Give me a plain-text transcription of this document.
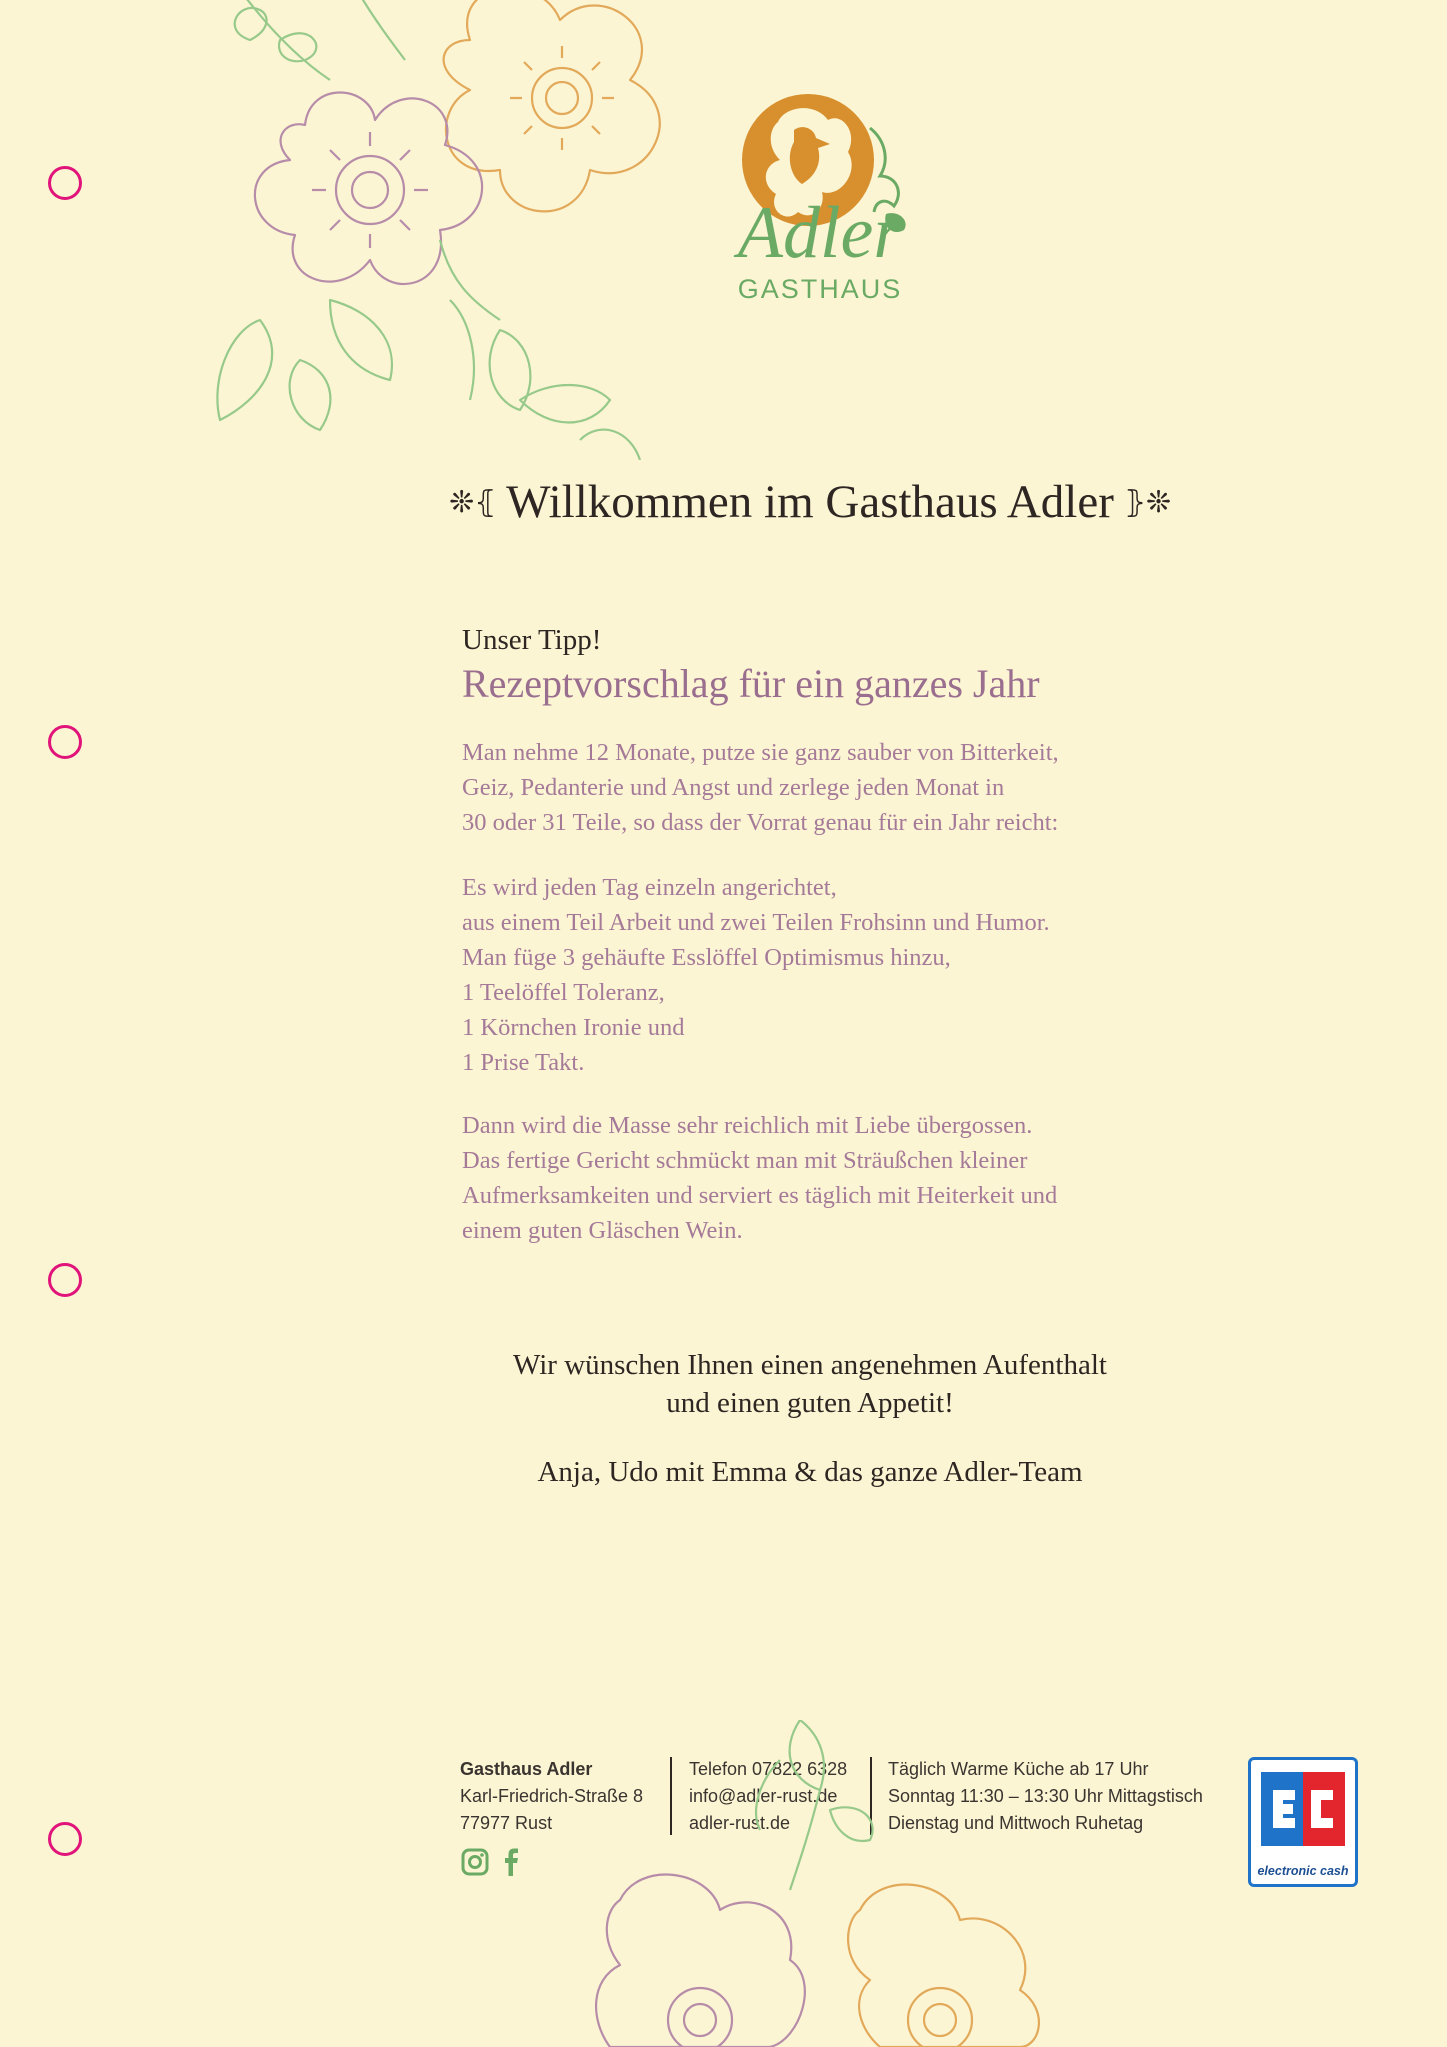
Adler
GASTHAUS
❊⦃ Willkommen im Gasthaus Adler ⦄❊
Unser Tipp!
Rezeptvorschlag für ein ganzes Jahr
Man nehme 12 Monate, putze sie ganz sauber von Bitterkeit,
Geiz, Pedanterie und Angst und zerlege jeden Monat in
30 oder 31 Teile, so dass der Vorrat genau für ein Jahr reicht:
Es wird jeden Tag einzeln angerichtet,
aus einem Teil Arbeit und zwei Teilen Frohsinn und Humor.
Man füge 3 gehäufte Esslöffel Optimismus hinzu,
1 Teelöffel Toleranz,
1 Körnchen Ironie und
1 Prise Takt.
Dann wird die Masse sehr reichlich mit Liebe übergossen.
Das fertige Gericht schmückt man mit Sträußchen kleiner
Aufmerksamkeiten und serviert es täglich mit Heiterkeit und
einem guten Gläschen Wein.
Wir wünschen Ihnen einen angenehmen Aufenthalt
und einen guten Appetit!
Anja, Udo mit Emma & das ganze Adler-Team
Gasthaus Adler
Karl-Friedrich-Straße 8
77977 Rust
Telefon 07822 6328
info@adler-rust.de
adler-rust.de
Täglich Warme Küche ab 17 Uhr
Sonntag 11:30 – 13:30 Uhr Mittagstisch
Dienstag und Mittwoch Ruhetag
electronic cash
